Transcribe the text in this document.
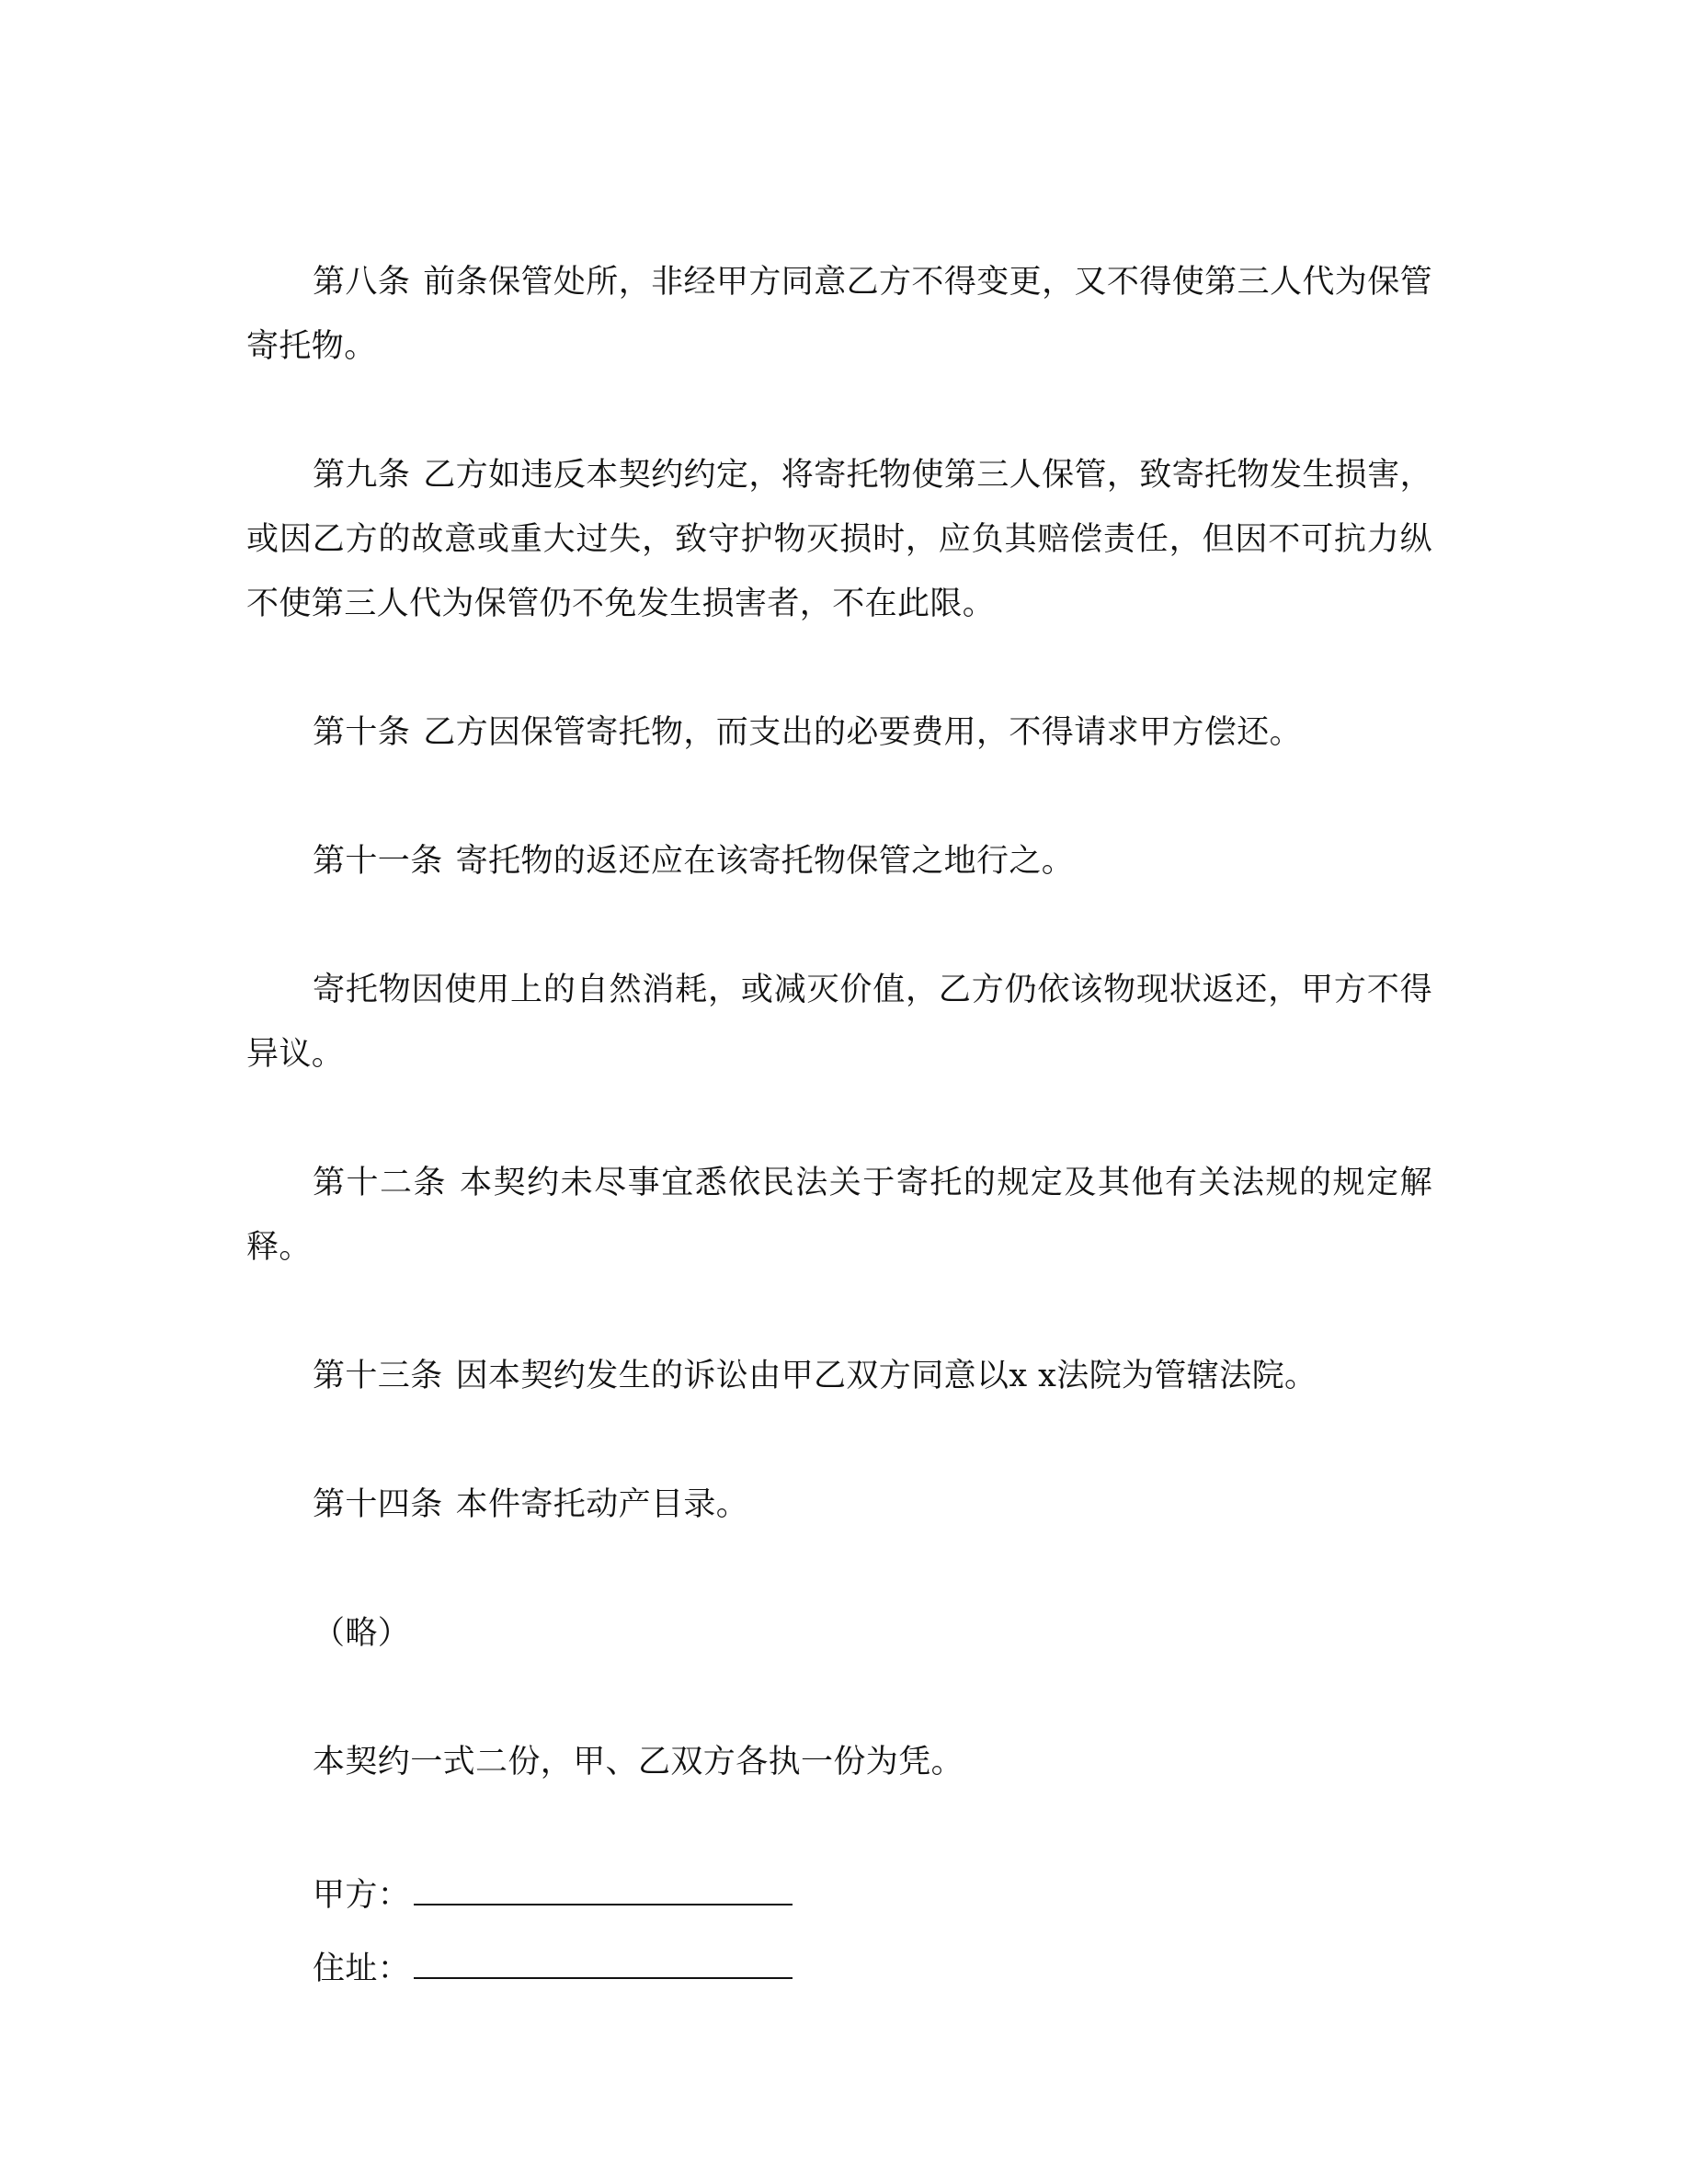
第八条 前条保管处所，非经甲方同意乙方不得变更，又不得使第三人代为保管寄托物。

第九条 乙方如违反本契约约定，将寄托物使第三人保管，致寄托物发生损害，或因乙方的故意或重大过失，致守护物灭损时，应负其赔偿责任，但因不可抗力纵不使第三人代为保管仍不免发生损害者，不在此限。

第十条 乙方因保管寄托物，而支出的必要费用，不得请求甲方偿还。

第十一条 寄托物的返还应在该寄托物保管之地行之。

寄托物因使用上的自然消耗，或减灭价值，乙方仍依该物现状返还，甲方不得异议。

第十二条 本契约未尽事宜悉依民法关于寄托的规定及其他有关法规的规定解释。

第十三条 因本契约发生的诉讼由甲乙双方同意以x x法院为管辖法院。

第十四条 本件寄托动产目录。

（略）

本契约一式二份，甲、乙双方各执一份为凭。

甲方：
住址：
